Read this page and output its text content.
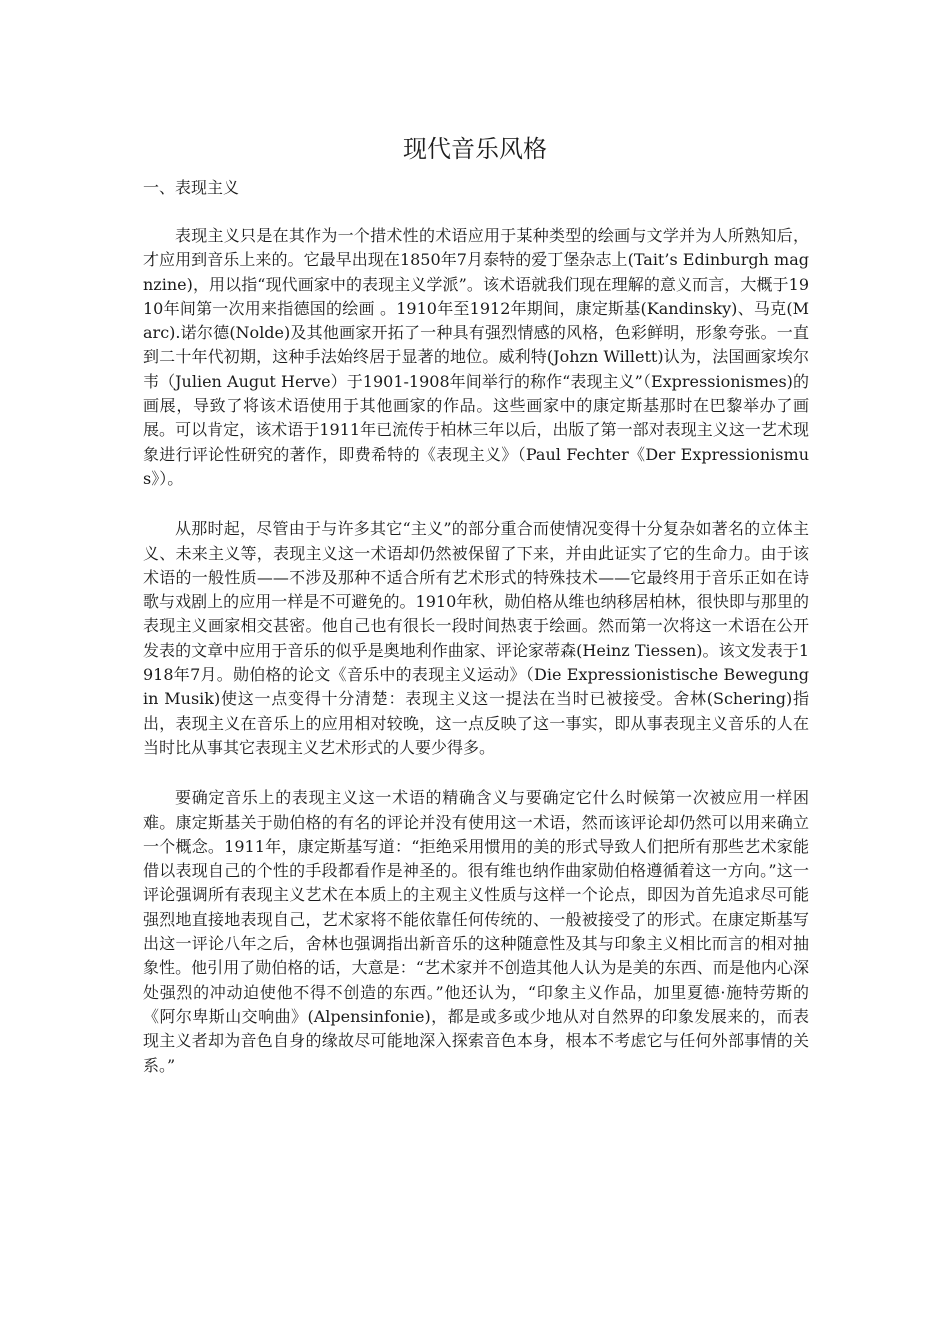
现代音乐风格
一、表现主义

表现主义只是在其作为一个措术性的术语应用于某种类型的绘画与文学并为人所熟知后，才应用到音乐上来的。它最早出现在1850年7月泰特的爱丁堡杂志上(Tait’s Edinburgh magnzine)，用以指“现代画家中的表现主义学派”。该术语就我们现在理解的意义而言，大概于1910年间第一次用来指德国的绘画 。1910年至1912年期间，康定斯基(Kandinsky)、马克(Marc).诺尔德(Nolde)及其他画家开拓了一种具有强烈情感的风格，色彩鲜明，形象夸张。一直到二十年代初期，这种手法始终居于显著的地位。威利特(Johzn Willett)认为，法国画家埃尔韦（Julien Augut Herve）于1901-1908年间举行的称作“表现主义”（Expressionismes)的画展，导致了将该术语使用于其他画家的作品。这些画家中的康定斯基那时在巴黎举办了画展。可以肯定，该术语于1911年已流传于柏林三年以后，出版了第一部对表现主义这一艺术现象进行评论性研究的著作，即费希特的《表现主义》（Paul Fechter《Der Expressionismus》）。

从那时起，尽管由于与许多其它“主义”的部分重合而使情况变得十分复杂如著名的立体主义、未来主义等，表现主义这一术语却仍然被保留了下来，并由此证实了它的生命力。由于该术语的一般性质——不涉及那种不适合所有艺术形式的特殊技术——它最终用于音乐正如在诗歌与戏剧上的应用一样是不可避免的。1910年秋，勋伯格从维也纳移居柏林，很快即与那里的表现主义画家相交甚密。他自己也有很长一段时间热衷于绘画。然而第一次将这一术语在公开发表的文章中应用于音乐的似乎是奥地利作曲家、评论家蒂森(Heinz Tiessen)。该文发表于1918年7月。勋伯格的论文《音乐中的表现主义运动》（Die Expressionistische Bewegung in Musik)使这一点变得十分清楚：表现主义这一提法在当时已被接受。舍林(Schering)指出，表现主义在音乐上的应用相对较晚，这一点反映了这一事实，即从事表现主义音乐的人在当时比从事其它表现主义艺术形式的人要少得多。

要确定音乐上的表现主义这一术语的精确含义与要确定它什么时候第一次被应用一样困难。康定斯基关于勋伯格的有名的评论并没有使用这一术语，然而该评论却仍然可以用来确立一个概念。1911年，康定斯基写道：“拒绝采用惯用的美的形式导致人们把所有那些艺术家能借以表现自己的个性的手段都看作是神圣的。很有维也纳作曲家勋伯格遵循着这一方向。”这一评论强调所有表现主义艺术在本质上的主观主义性质与这样一个论点，即因为首先追求尽可能强烈地直接地表现自己，艺术家将不能依靠任何传统的、一般被接受了的形式。在康定斯基写出这一评论八年之后，舍林也强调指出新音乐的这种随意性及其与印象主义相比而言的相对抽象性。他引用了勋伯格的话，大意是：“艺术家并不创造其他人认为是美的东西、而是他内心深处强烈的冲动迫使他不得不创造的东西。”他还认为，“印象主义作品，加里夏德·施特劳斯的《阿尔卑斯山交响曲》(Alpensinfonie)，都是或多或少地从对自然界的印象发展来的，而表现主义者却为音色自身的缘故尽可能地深入探索音色本身，根本不考虑它与任何外部事情的关系。”
